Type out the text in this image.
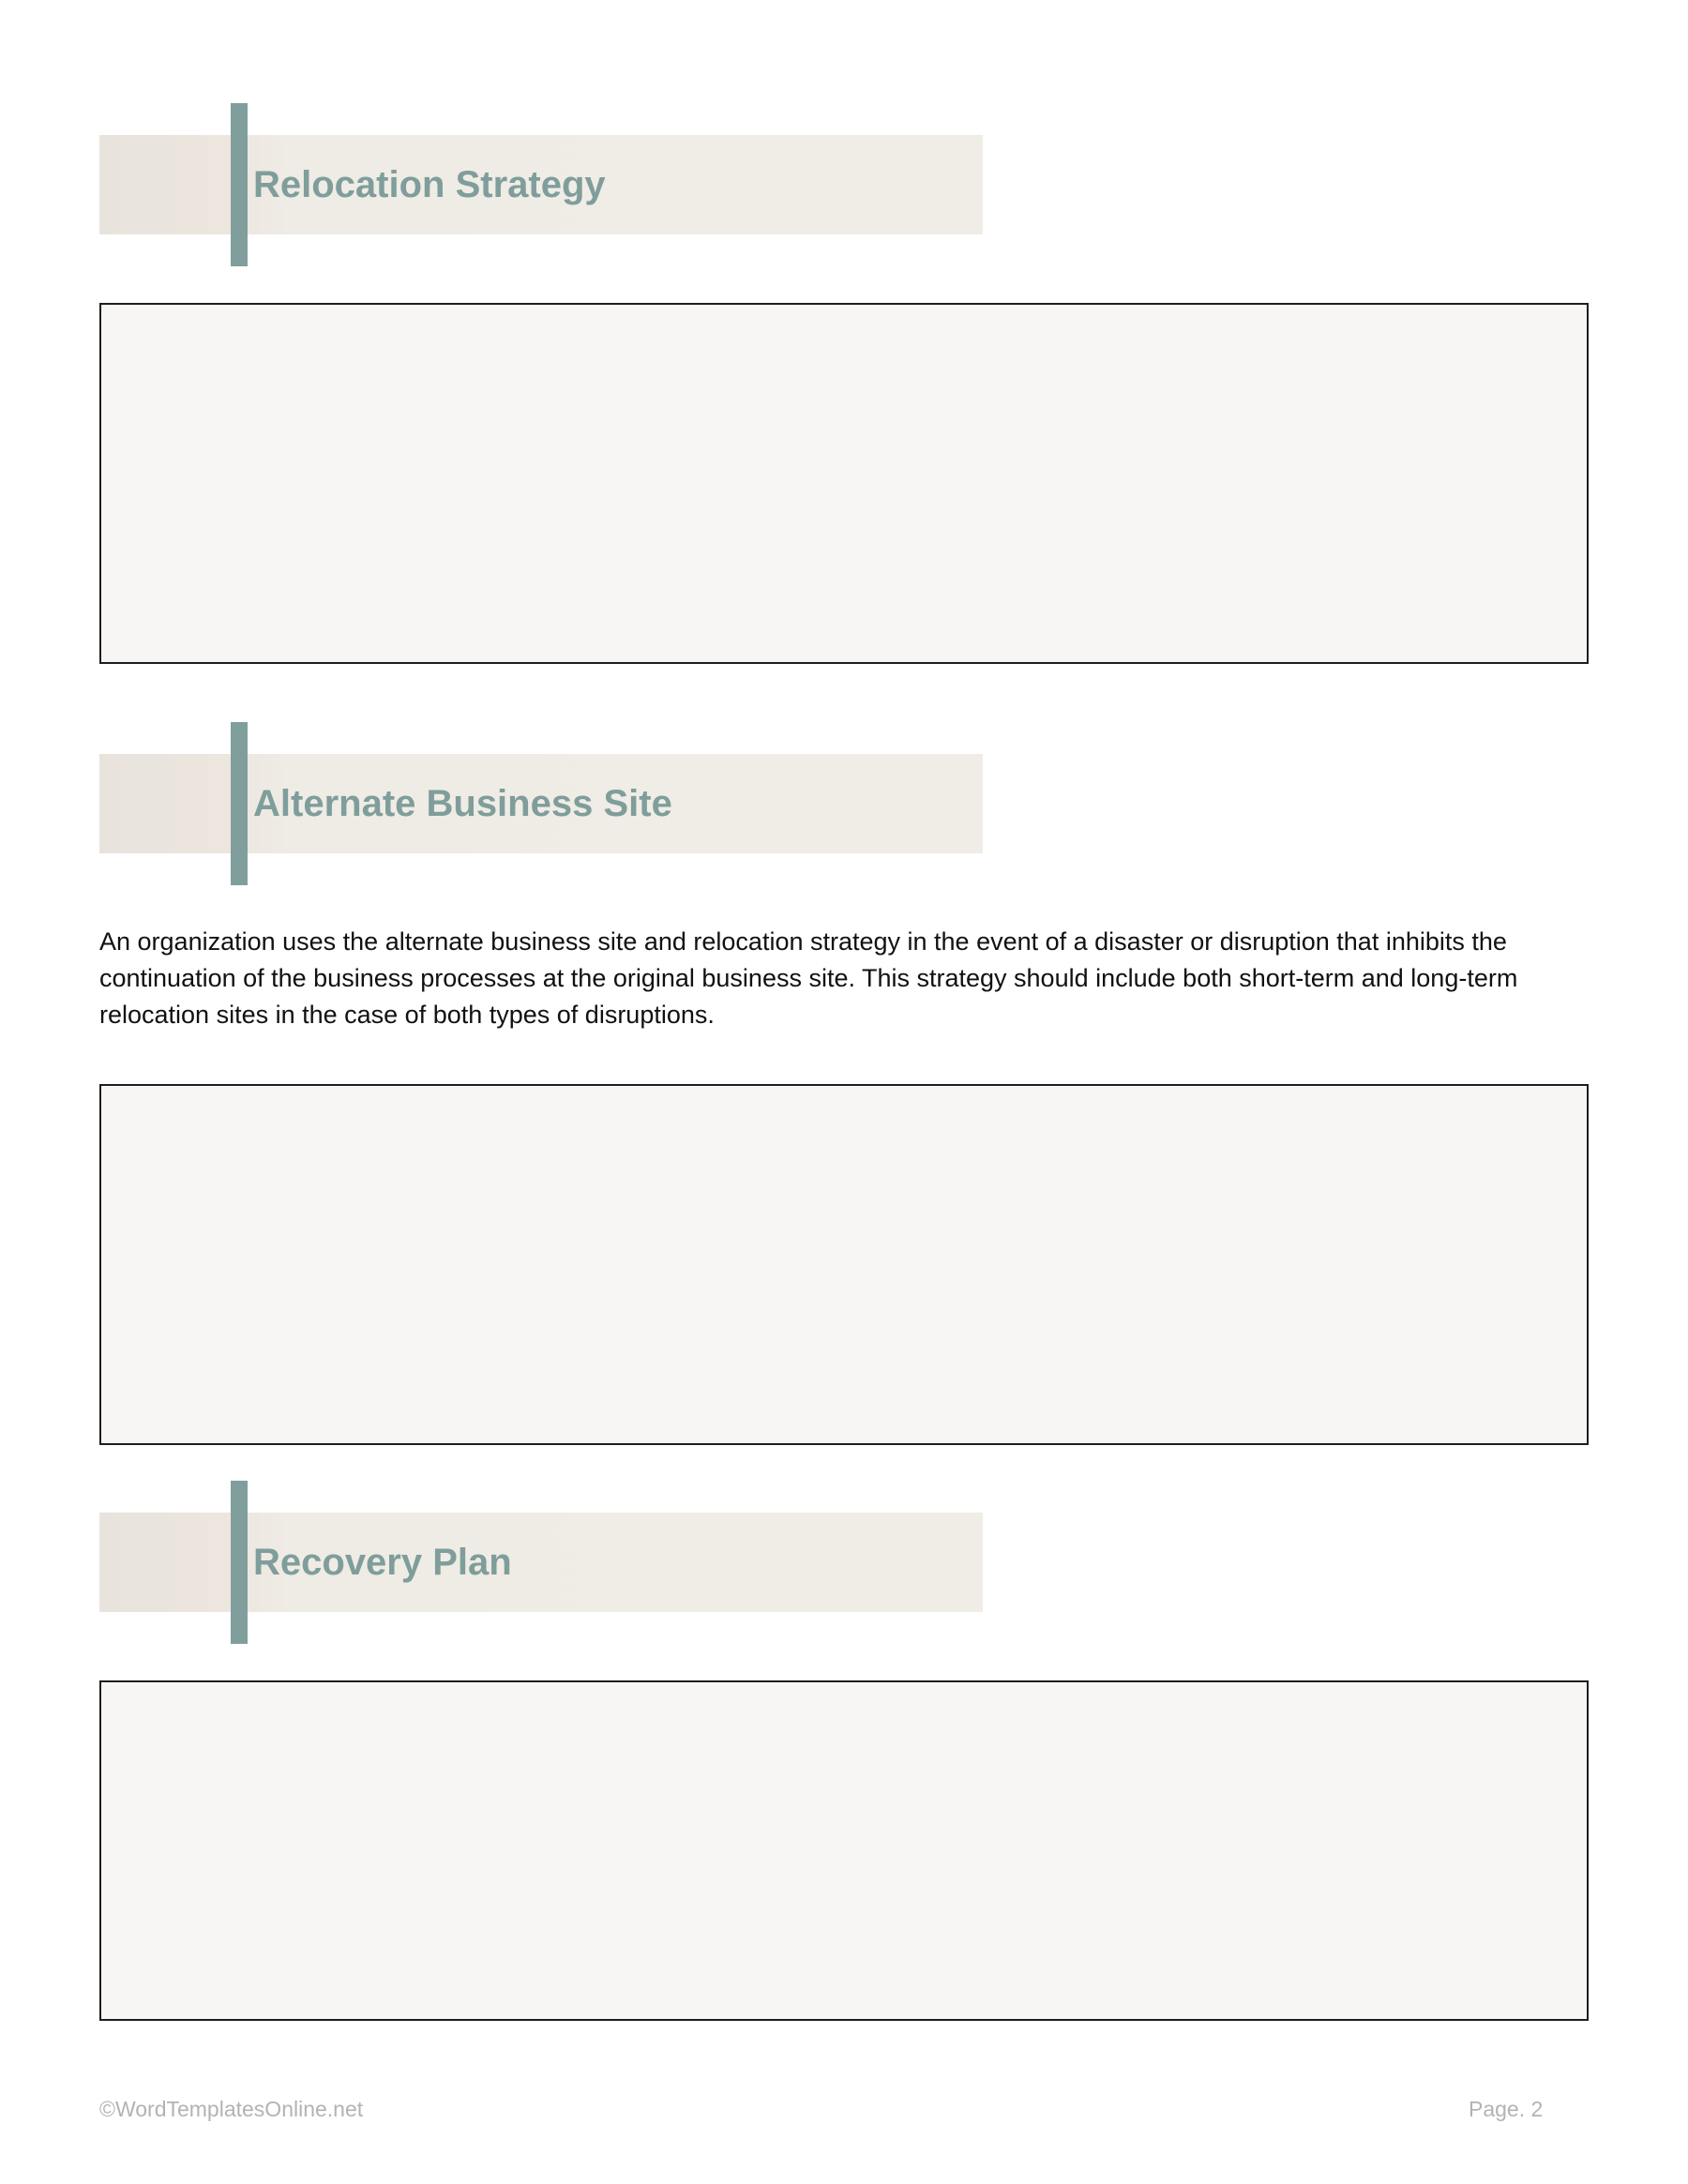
Relocation Strategy
Alternate Business Site
An organization uses the alternate business site and relocation strategy in the event of a disaster or disruption that inhibits the continuation of the business processes at the original business site. This strategy should include both short-term and long-term relocation sites in the case of both types of disruptions.
Recovery Plan
©WordTemplatesOnline.net	Page. 2
